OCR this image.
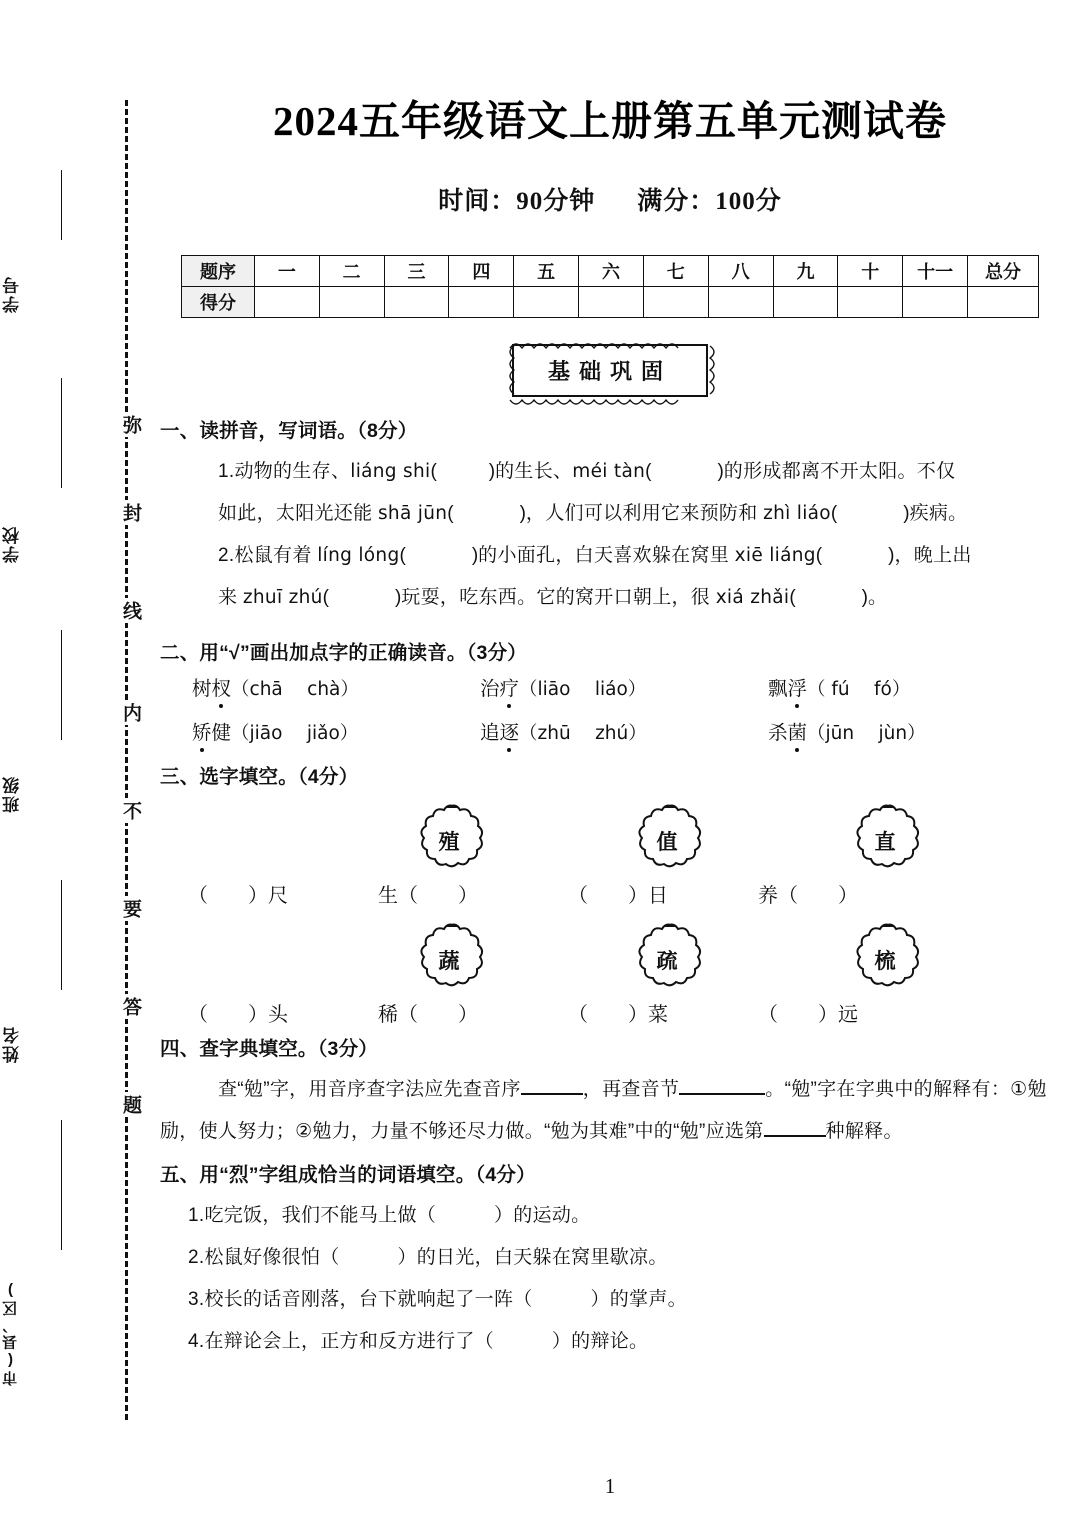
学号
学校
班级
姓名
市(县、区)
弥
封
线
内
不
要
答
题
2024五年级语文上册第五单元测试卷
时间：90分钟 满分：100分
题序	一	二	三	四	五	六	七	八	九	十	十一	总分
得分												
基础巩固
一、读拼音，写词语。（8分）
1.动物的生存、liáng shi(	)的生长、méi tàn(	)的形成都离不开太阳。不仅
如此，太阳光还能 shā jūn(	)，人们可以利用它来预防和 zhì liáo(	)疾病。
2.松鼠有着 líng lóng(	)的小面孔，白天喜欢躲在窝里 xiē liáng(	)，晚上出
来 zhuī zhú(	)玩耍，吃东西。它的窝开口朝上，很 xiá zhǎi(	)。
二、用“√”画出加点字的正确读音。（3分）
树杈（chā　 chà）	治疗（liāo　 liáo）	飘浮（ fú　 fó）
矫健（jiāo　 jiǎo）	追逐（zhū　 zhú）	杀菌（jūn　 jùn）
三、选字填空。（4分）
殖	值	直
（　　）尺	生（　　）	（　　）日	养（　　）
蔬	疏	梳
（　　）头	稀（　　）	（　　）菜	（　　）远
四、查字典填空。（3分）
查“勉”字，用音序查字法应先查音序	，再查音节	。“勉”字在字典中的解释有：①勉励，使人努力；②勉力，力量不够还尽力做。“勉为其难”中的“勉”应选第	种解释。
五、用“烈”字组成恰当的词语填空。（4分）
1.吃完饭，我们不能马上做（　　　）的运动。
2.松鼠好像很怕（　　　）的日光，白天躲在窝里歇凉。
3.校长的话音刚落，台下就响起了一阵（　　　）的掌声。
4.在辩论会上，正方和反方进行了（　　　）的辩论。
1
